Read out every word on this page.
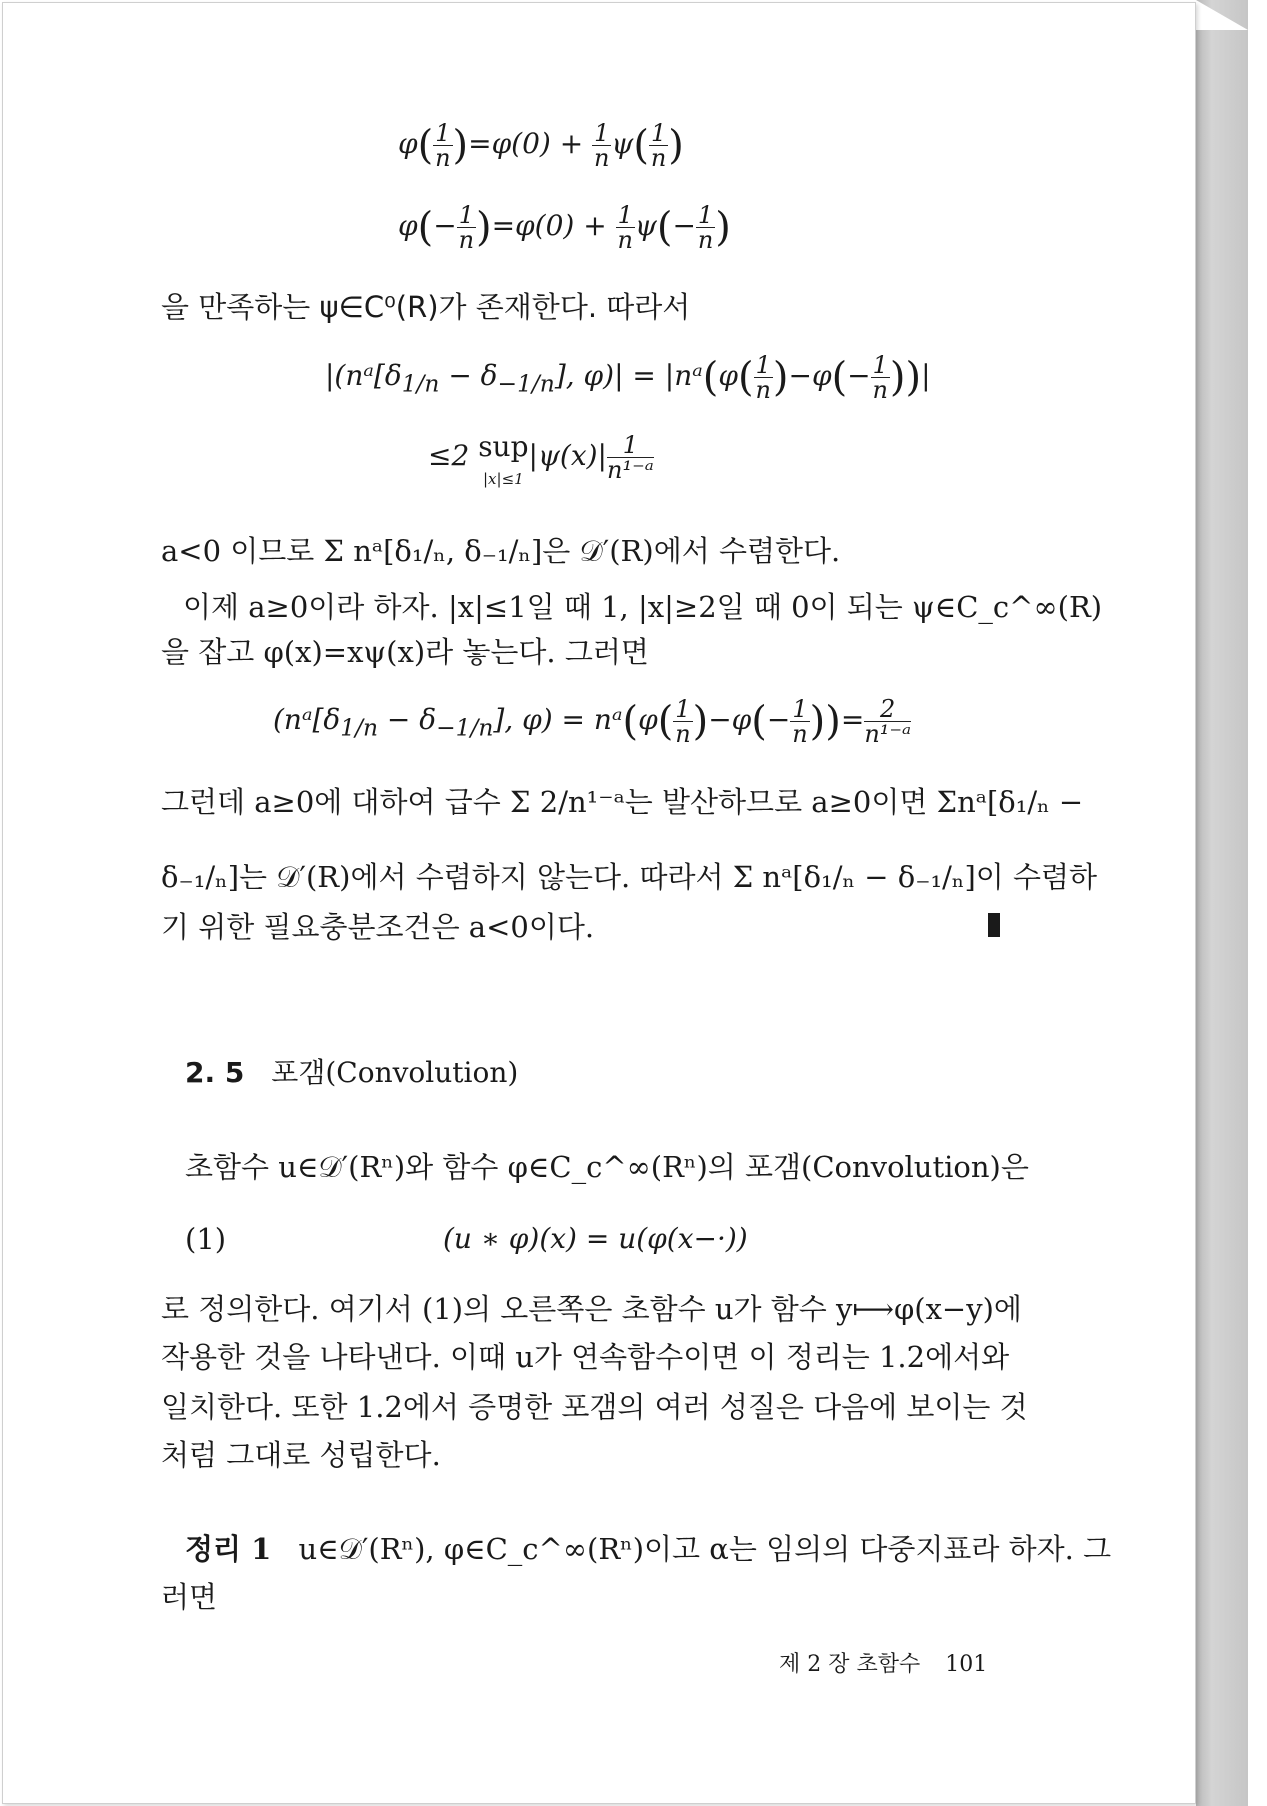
$\varphi( \frac{1}{n} )=\varphi(0) + \frac{1}{n} \psi( \frac{1}{n}$ )
$\varphi(- \frac{1}{n} )=\varphi(0) + \frac{1}{n} \psi(- \frac{1}{n}$ )
을 만족하는 ψ∈C⁰(R)가 존재한다. 따라서
$|(nᵃ[\delta_{1/n} - \delta_{-1/n}]$, φ)| = |nᵃ(φ( $\frac{1}{n} )-\varphi(- \frac{1}{n}$ ))|
≤2 sup
$|x|\le 1|\psi(x)| \frac{1}{\text{n¹⁻ᵃ}}$
a<0 이므로 Σ nᵃ[δ₁/ₙ, δ₋₁/ₙ]은 𝒟′(R)에서 수렴한다.
이제 a≥0이라 하자. |x|≤1일 때 1, |x|≥2일 때 0이 되는 ψ∈C_c^∞(R)
을 잡고 φ(x)=xψ(x)라 놓는다. 그러면
($nᵃ[\delta_{1/n} - \delta_{-1/n}]$, φ) = nᵃ(φ( $\frac{1}{n} )-\varphi(- \frac{1}{n}$ ))= $\frac{2}{\text{n¹⁻ᵃ}}$
그런데 a≥0에 대하여 급수 Σ 2/n¹⁻ᵃ는 발산하므로 a≥0이면 Σnᵃ[δ₁/ₙ −
δ₋₁/ₙ]는 𝒟′(R)에서 수렴하지 않는다. 따라서 Σ nᵃ[δ₁/ₙ − δ₋₁/ₙ]이 수렴하
기 위한 필요충분조건은 a<0이다.
2. 5 포갬(Convolution)
초함수 u∈𝒟′(Rⁿ)와 함수 φ∈C_c^∞(Rⁿ)의 포갬(Convolution)은
(1)	(u ∗ φ)(x) = u(φ(x−·))
로 정의한다. 여기서 (1)의 오른쪽은 초함수 u가 함수 y⟼φ(x−y)에
작용한 것을 나타낸다. 이때 u가 연속함수이면 이 정리는 1.2에서와
일치한다. 또한 1.2에서 증명한 포갬의 여러 성질은 다음에 보이는 것
처럼 그대로 성립한다.
정리 1 u∈𝒟′(Rⁿ), φ∈C_c^∞(Rⁿ)이고 α는 임의의 다중지표라 하자. 그
러면
제 2 장 초함수 101
